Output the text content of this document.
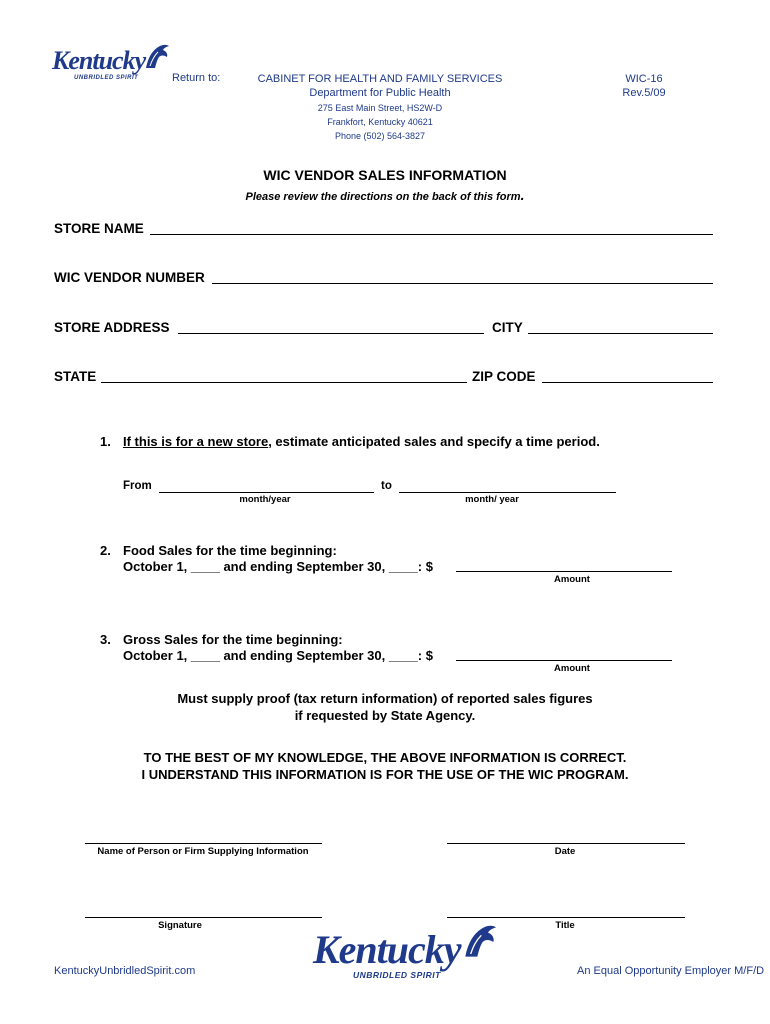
Kentucky
UNBRIDLED SPIRIT	Return to:	CABINET FOR HEALTH AND FAMILY SERVICES
Department for Public Health
275 East Main Street, HS2W-D
Frankfort, Kentucky 40621
Phone (502) 564-3827
WIC-16
Rev.5/09
WIC VENDOR SALES INFORMATION
Please review the directions on the back of this form.
STORE NAME
WIC VENDOR NUMBER
STORE ADDRESS	CITY
STATE	ZIP CODE
1. If this is for a new store, estimate anticipated sales and specify a time period.
From	to
month/year	month/ year
2. Food Sales for the time beginning:
October 1, ____ and ending September 30, ____: $
Amount
3. Gross Sales for the time beginning:
October 1, ____ and ending September 30, ____: $
Amount
Must supply proof (tax return information) of reported sales figures
if requested by State Agency.
TO THE BEST OF MY KNOWLEDGE, THE ABOVE INFORMATION IS CORRECT.
I UNDERSTAND THIS INFORMATION IS FOR THE USE OF THE WIC PROGRAM.
Name of Person or Firm Supplying Information	Date
Signature	Title
KentuckyUnbridledSpirit.com	Kentucky
UNBRIDLED SPIRIT	An Equal Opportunity Employer M/F/D
